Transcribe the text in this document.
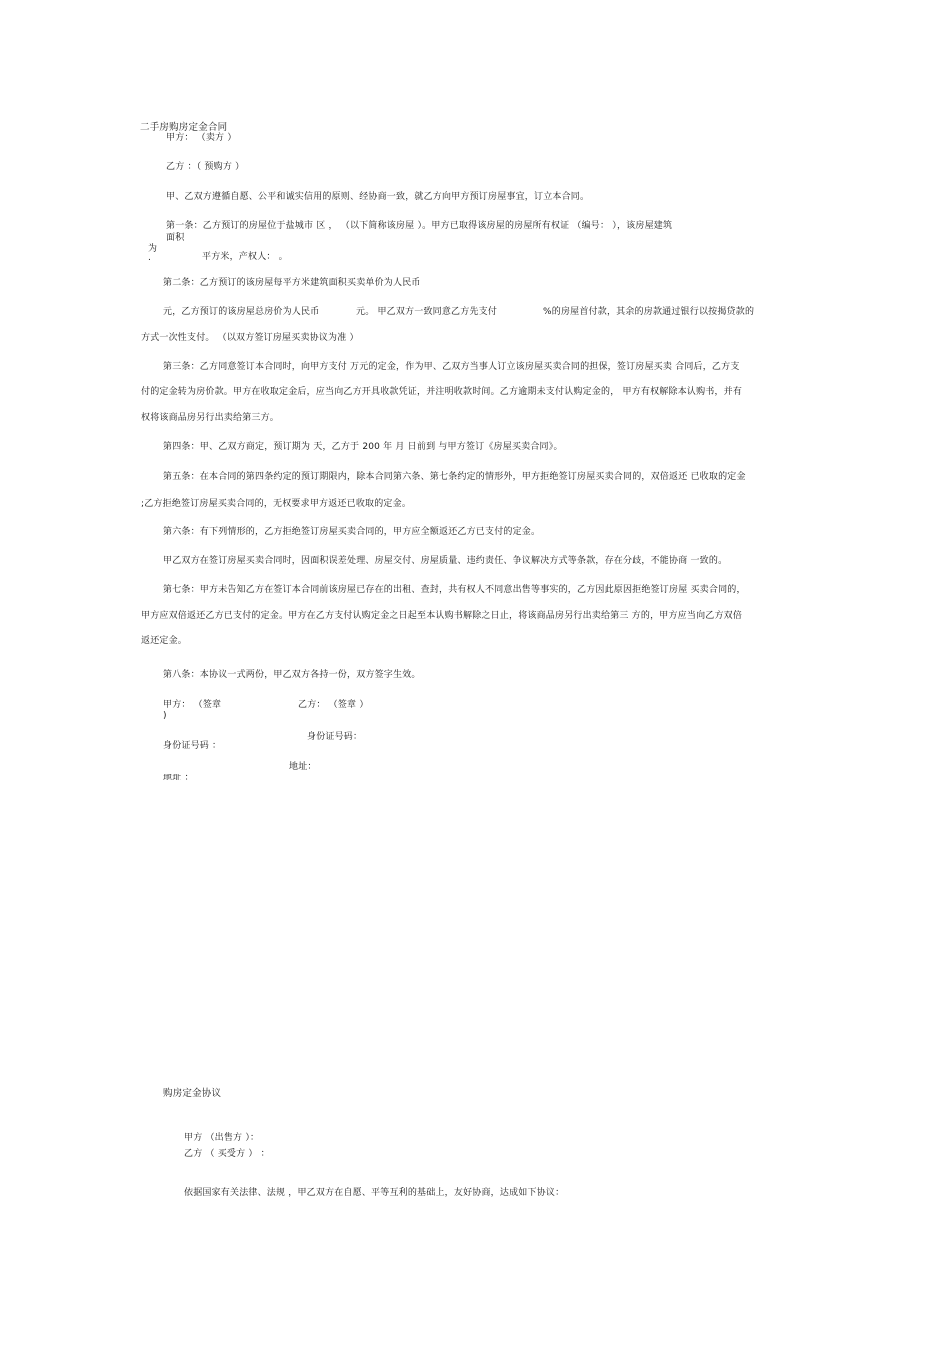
二手房购房定金合同
甲方： （卖方 ）
乙方 ：（ 预购方 ）
甲、乙双方遵循自愿、公平和诚实信用的原则、经协商一致，就乙方向甲方预订房屋事宜，订立本合同。
第一条：乙方预订的房屋位于盐城市 区 ， （以下简称该房屋 ）。甲方已取得该房屋的房屋所有权证 （编号： ），该房屋建筑
面积
为
.	平方米，产权人： 。
第二条：乙方预订的该房屋每平方米建筑面积买卖单价为人民币
元，乙方预订的该房屋总房价为人民币	元。 甲乙双方一致同意乙方先支付	%的房屋首付款，其余的房款通过银行以按揭贷款的
方式一次性支付。 （以双方签订房屋买卖协议为准 ）
第三条：乙方同意签订本合同时，向甲方支付 万元的定金，作为甲、乙双方当事人订立该房屋买卖合同的担保，签订房屋买卖 合同后，乙方支
付的定金转为房价款。甲方在收取定金后，应当向乙方开具收款凭证，并注明收款时间。乙方逾期未支付认购定金的， 甲方有权解除本认购书，并有
权将该商品房另行出卖给第三方。
第四条：甲、乙双方商定，预订期为 天，乙方于 200 年 月 日前到 与甲方签订《房屋买卖合同》。
第五条：在本合同的第四条约定的预订期限内，除本合同第六条、第七条约定的情形外，甲方拒绝签订房屋买卖合同的，双倍返还 已收取的定金
;乙方拒绝签订房屋买卖合同的，无权要求甲方返还已收取的定金。
第六条：有下列情形的，乙方拒绝签订房屋买卖合同的，甲方应全额返还乙方已支付的定金。
甲乙双方在签订房屋买卖合同时，因面积误差处理、房屋交付、房屋质量、违约责任、争议解决方式等条款，存在分歧，不能协商 一致的。
第七条：甲方未告知乙方在签订本合同前该房屋已存在的出租、查封，共有权人不同意出售等事实的，乙方因此原因拒绝签订房屋 买卖合同的，
甲方应双倍返还乙方已支付的定金。甲方在乙方支付认购定金之日起至本认购书解除之日止，将该商品房另行出卖给第三 方的，甲方应当向乙方双倍
返还定金。
第八条：本协议一式两份，甲乙双方各持一份，双方签字生效。
甲方： （签章
)
乙方： （签章 ）
身份证号码：
身份证号码 ：
地址：
地址 ：
购房定金协议
甲方 （出售方 ）：
乙方 （ 买受方 ） ：
依据国家有关法律、法规 ，甲乙双方在自愿、平等互利的基础上，友好协商，达成如下协议：
